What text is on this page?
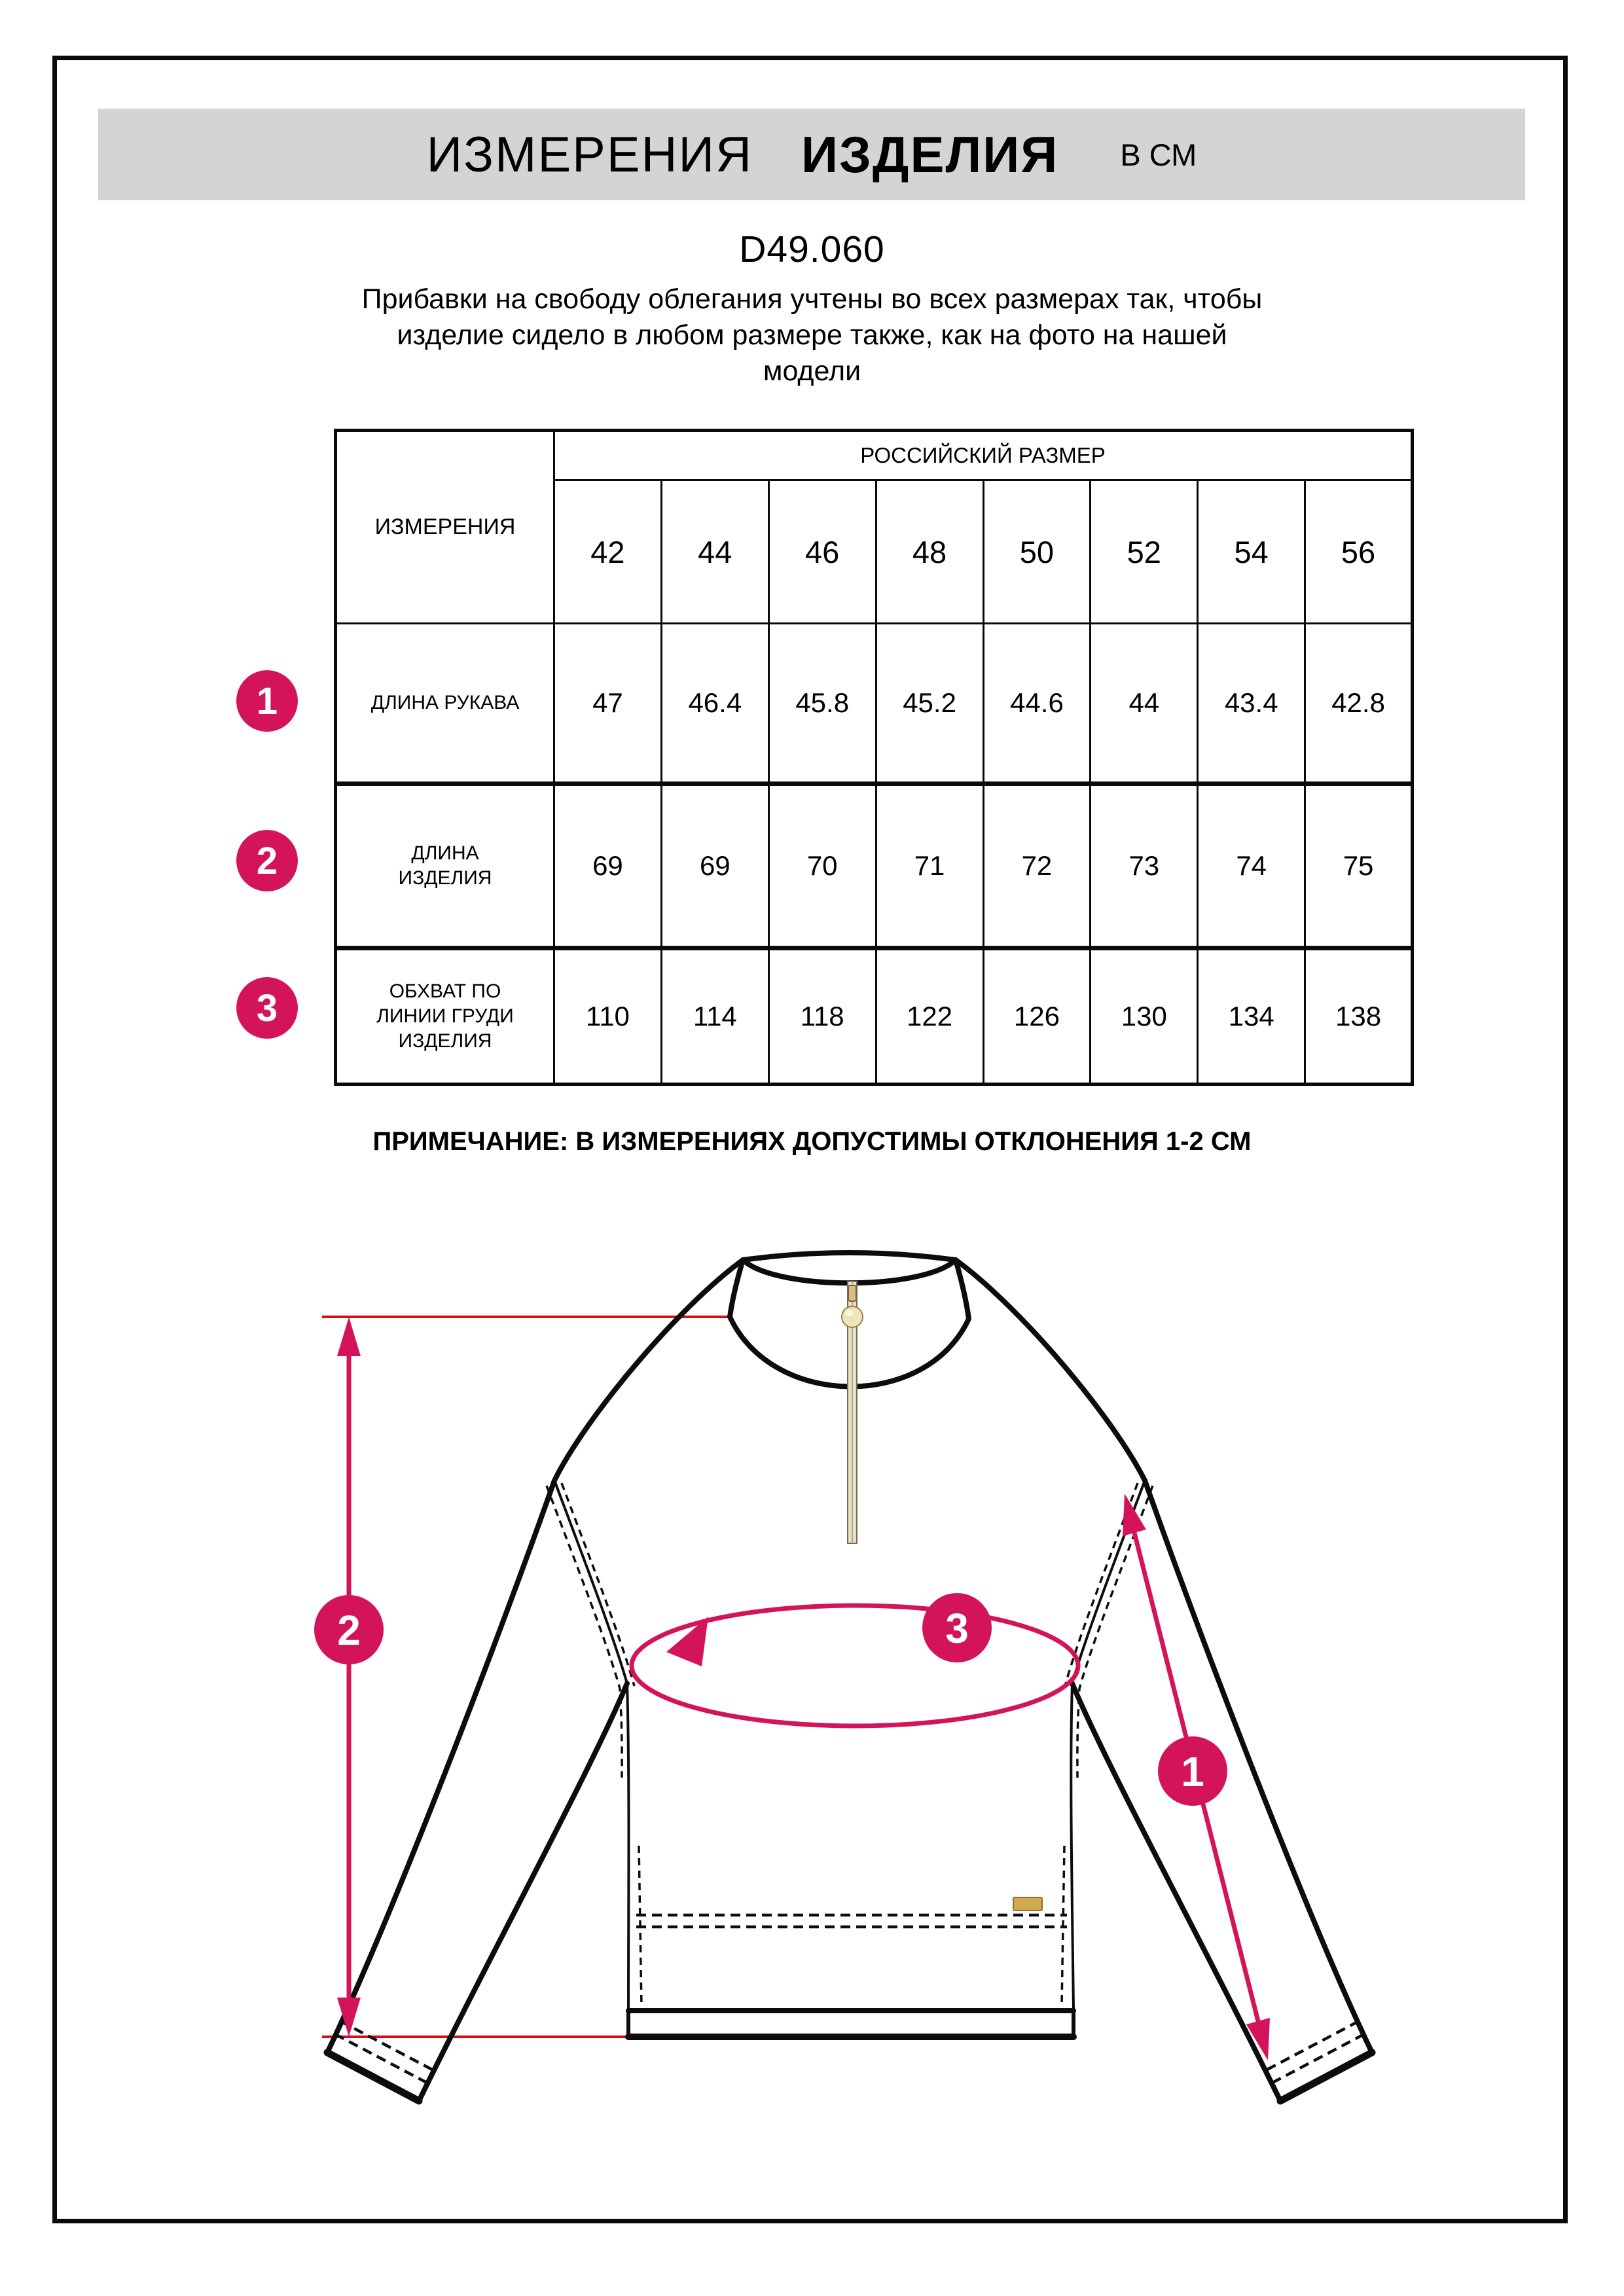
ИЗМЕРЕНИЯ ИЗДЕЛИЯ В СМ
D49.060
Прибавки на свободу облегания учтены во всех размерах так, чтобы
изделие сидело в любом размере также, как на фото на нашей
модели
ИЗМЕРЕНИЯ	РОССИЙСКИЙ РАЗМЕР							
	42	44	46	48	50	52	54	56

ДЛИНА РУКАВА	47	46.4	45.8	45.2	44.6	44	43.4	42.8

ДЛИНА ИЗДЕЛИЯ	69	69	70	71	72	73	74	75

ОБХВАТ ПО ЛИНИИ ГРУДИ ИЗДЕЛИЯ	110	114	118	122	126	130	134	138
1
2
3
ПРИМЕЧАНИЕ: В ИЗМЕРЕНИЯХ ДОПУСТИМЫ ОТКЛОНЕНИЯ 1-2 СМ
2	3
1
